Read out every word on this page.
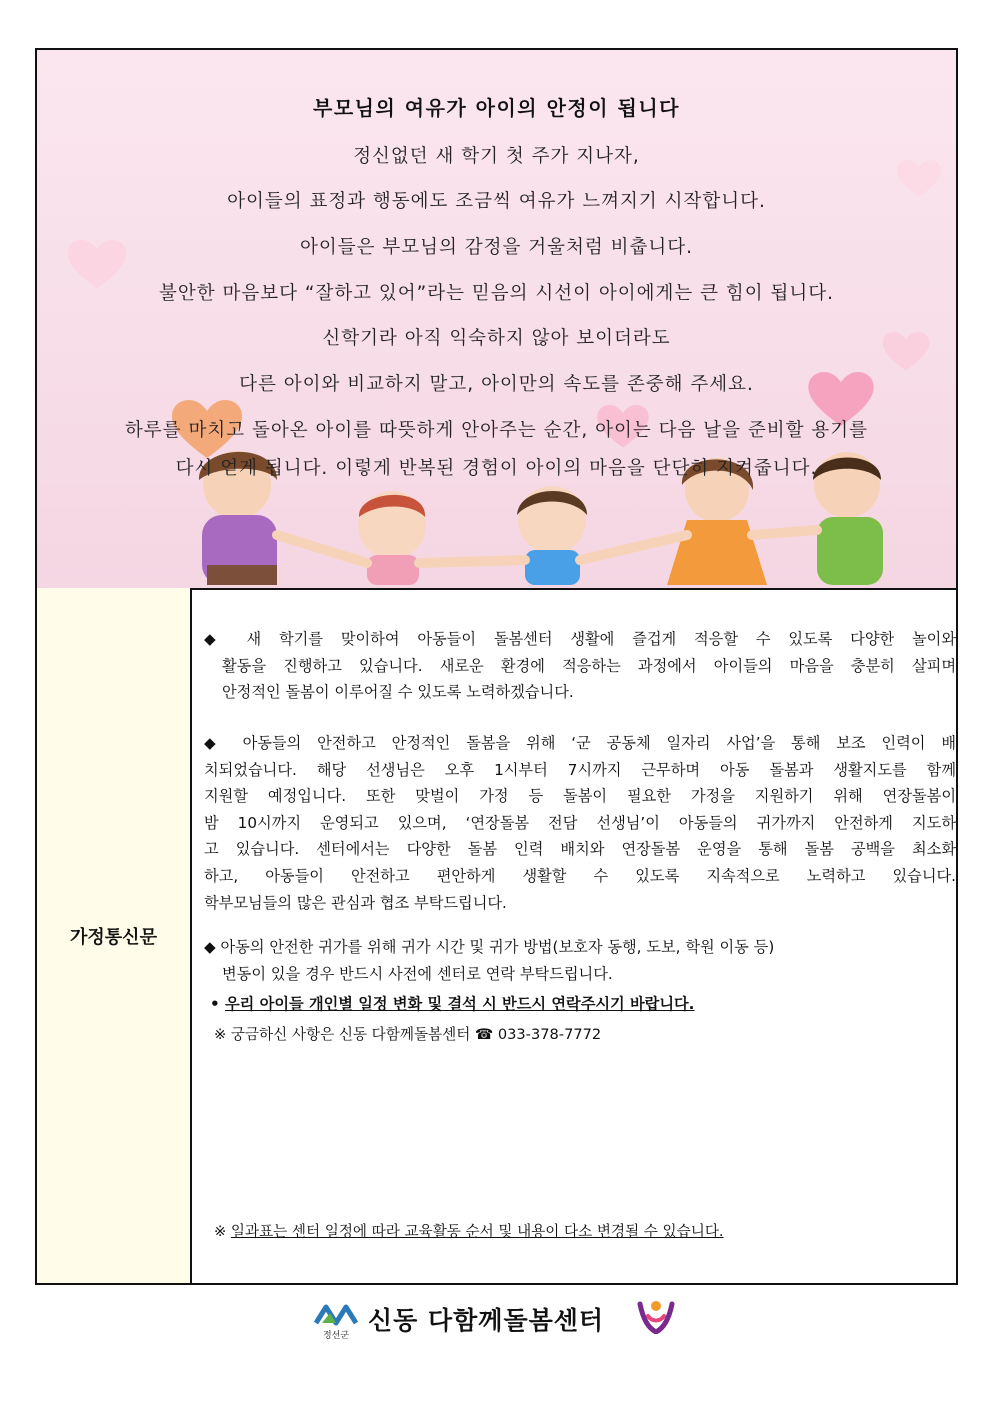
부모님의 여유가 아이의 안정이 됩니다
정신없던 새 학기 첫 주가 지나자,
아이들의 표정과 행동에도 조금씩 여유가 느껴지기 시작합니다.
아이들은 부모님의 감정을 거울처럼 비춥니다.
불안한 마음보다 “잘하고 있어”라는 믿음의 시선이 아이에게는 큰 힘이 됩니다.
신학기라 아직 익숙하지 않아 보이더라도
다른 아이와 비교하지 말고, 아이만의 속도를 존중해 주세요.
하루를 마치고 돌아온 아이를 따뜻하게 안아주는 순간, 아이는 다음 날을 준비할 용기를
다시 얻게 됩니다. 이렇게 반복된 경험이 아이의 마음을 단단히 지켜줍니다.
가정통신문
◆ 새 학기를 맞이하여 아동들이 돌봄센터 생활에 즐겁게 적응할 수 있도록 다양한 놀이와
활동을 진행하고 있습니다. 새로운 환경에 적응하는 과정에서 아이들의 마음을 충분히 살피며
안정적인 돌봄이 이루어질 수 있도록 노력하겠습니다.
◆ 아동들의 안전하고 안정적인 돌봄을 위해 ‘군 공동체 일자리 사업’을 통해 보조 인력이 배
치되었습니다. 해당 선생님은 오후 1시부터 7시까지 근무하며 아동 돌봄과 생활지도를 함께
지원할 예정입니다. 또한 맞벌이 가정 등 돌봄이 필요한 가정을 지원하기 위해 연장돌봄이
밤 10시까지 운영되고 있으며, ‘연장돌봄 전담 선생님’이 아동들의 귀가까지 안전하게 지도하
고 있습니다. 센터에서는 다양한 돌봄 인력 배치와 연장돌봄 운영을 통해 돌봄 공백을 최소화
하고, 아동들이 안전하고 편안하게 생활할 수 있도록 지속적으로 노력하고 있습니다.
학부모님들의 많은 관심과 협조 부탁드립니다.
◆ 아동의 안전한 귀가를 위해 귀가 시간 및 귀가 방법(보호자 동행, 도보, 학원 이동 등)
변동이 있을 경우 반드시 사전에 센터로 연락 부탁드립니다.
• 우리 아이들 개인별 일정 변화 및 결석 시 반드시 연락주시기 바랍니다.
※ 궁금하신 사항은 신동 다함께돌봄센터 ☎ 033-378-7772
※ 일과표는 센터 일정에 따라 교육활동 순서 및 내용이 다소 변경될 수 있습니다.
정선군
신동 다함께돌봄센터
